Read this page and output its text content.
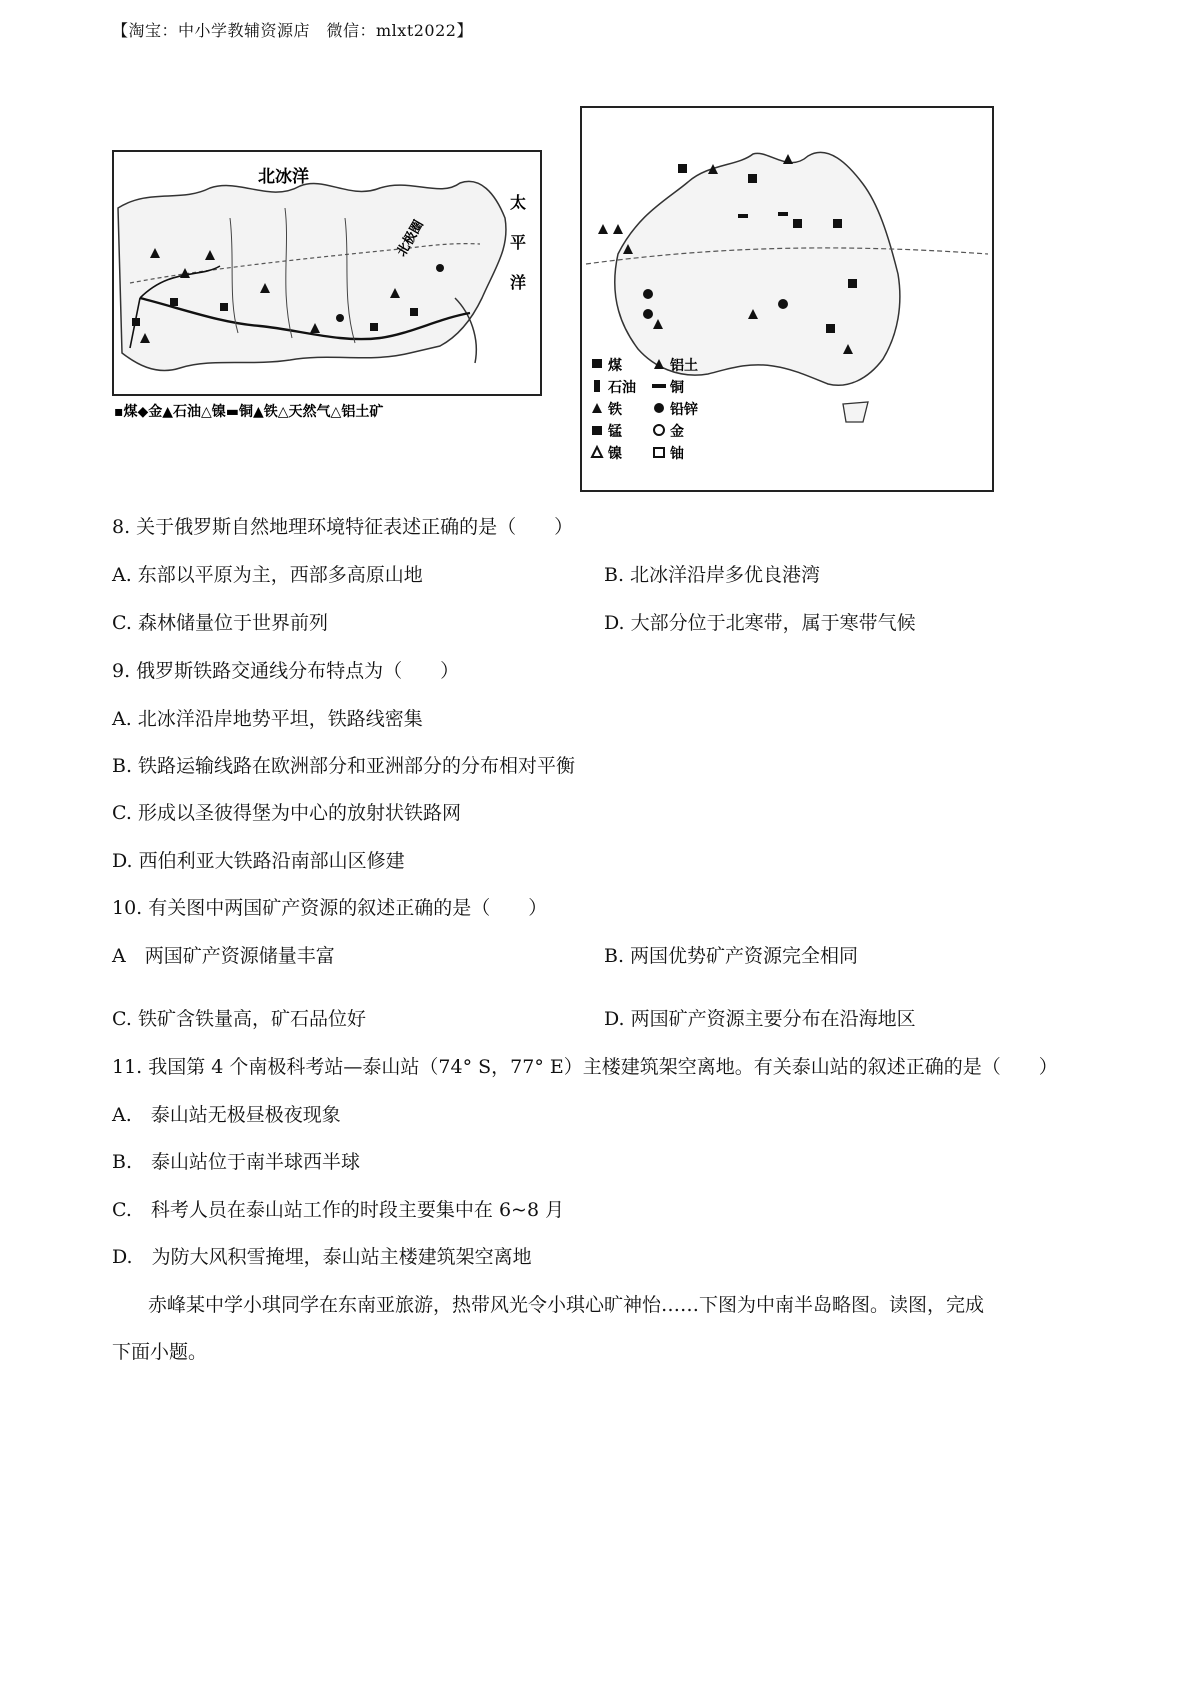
【淘宝：中小学教辅资源店　微信：mlxt2022】
北冰洋
太
平
洋
北极圈
▪煤◆金▲石油△镍▬铜▲铁△天然气△铝土矿
煤	铝土
石油 铜
铁	铅锌
锰	金
镍	铀
8. 关于俄罗斯自然地理环境特征表述正确的是（　　）
A. 东部以平原为主，西部多高原山地	B. 北冰洋沿岸多优良港湾
C. 森林储量位于世界前列	D. 大部分位于北寒带，属于寒带气候
9. 俄罗斯铁路交通线分布特点为（　　）
A. 北冰洋沿岸地势平坦，铁路线密集
B. 铁路运输线路在欧洲部分和亚洲部分的分布相对平衡
C. 形成以圣彼得堡为中心的放射状铁路网
D. 西伯利亚大铁路沿南部山区修建
10. 有关图中两国矿产资源的叙述正确的是（　　）
A　两国矿产资源储量丰富	B. 两国优势矿产资源完全相同
C. 铁矿含铁量高，矿石品位好	D. 两国矿产资源主要分布在沿海地区
11. 我国第 4 个南极科考站—泰山站（74° S，77° E）主楼建筑架空离地。有关泰山站的叙述正确的是（　　）
A.　泰山站无极昼极夜现象
B.　泰山站位于南半球西半球
C.　科考人员在泰山站工作的时段主要集中在 6~8 月
D.　为防大风积雪掩埋，泰山站主楼建筑架空离地
赤峰某中学小琪同学在东南亚旅游，热带风光令小琪心旷神怡……下图为中南半岛略图。读图，完成
下面小题。
